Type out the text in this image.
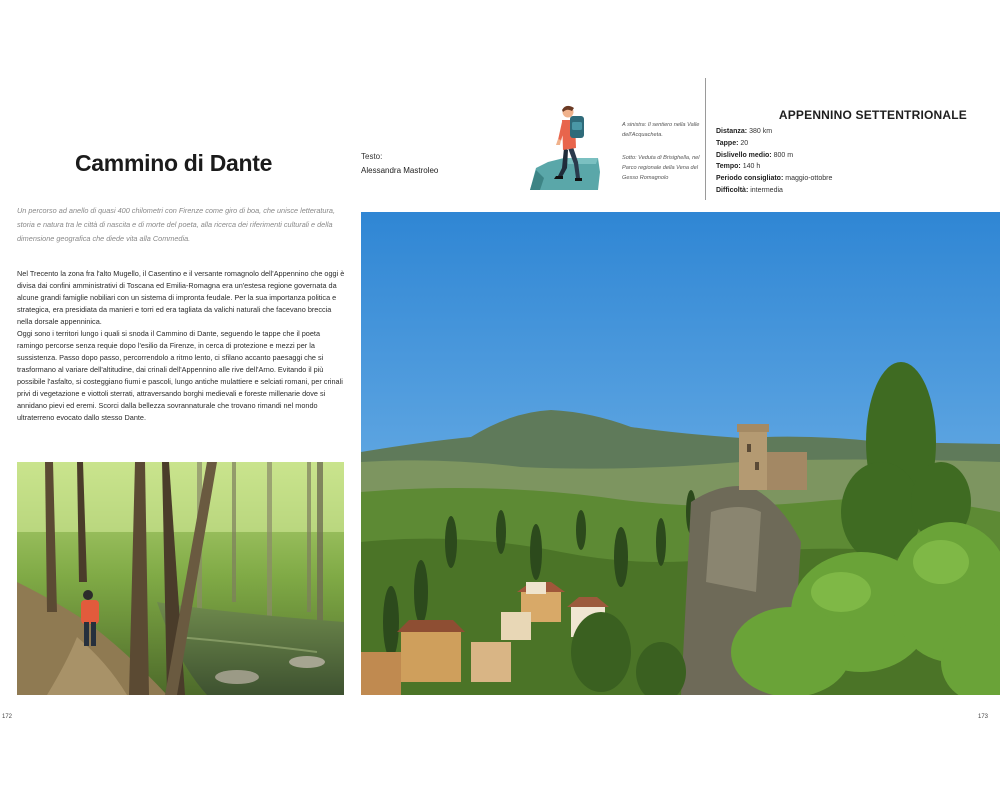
Cammino di Dante	Testo:
Alessandra Mastroleo
A sinistra: Il sentiero nella Valle dell'Acquacheta.
Sotto: Veduta di Brisighella, nel Parco regionale della Vena del Gesso Romagnolo
APPENNINO SETTENTRIONALE
Distanza: 380 km
Tappe: 20
Dislivello medio: 800 m
Tempo: 140 h
Periodo consigliato: maggio-ottobre
Difficoltà: intermedia

Un percorso ad anello di quasi 400 chilometri con Firenze come giro di boa, che unisce letteratura, storia e natura tra le città di nascita e di morte del poeta, alla ricerca dei riferimenti culturali e della dimensione geografica che diede vita alla Commedia.

Nel Trecento la zona fra l'alto Mugello, il Casentino e il versante romagnolo dell'Appennino che oggi è divisa dai confini amministrativi di Toscana ed Emilia-Romagna era un'estesa regione governata da alcune grandi famiglie nobiliari con un sistema di impronta feudale. Per la sua importanza politica e strategica, era presidiata da manieri e torri ed era tagliata da valichi naturali che facevano breccia nella dorsale appenninica.

Oggi sono i territori lungo i quali si snoda il Cammino di Dante, seguendo le tappe che il poeta ramingo percorse senza requie dopo l'esilio da Firenze, in cerca di protezione e mezzi per la sussistenza. Passo dopo passo, percorrendolo a ritmo lento, ci sfilano accanto paesaggi che si trasformano al variare dell'altitudine, dai crinali dell'Appennino alle rive dell'Arno. Evitando il più possibile l'asfalto, si costeggiano fiumi e pascoli, lungo antiche mulattiere e selciati romani, per crinali privi di vegetazione e viottoli sterrati, attraversando borghi medievali e foreste millenarie dove si annidano pievi ed eremi. Scorci dalla bellezza sovrannaturale che trovano rimandi nel mondo ultraterreno evocato dallo stesso Dante.

172	173
